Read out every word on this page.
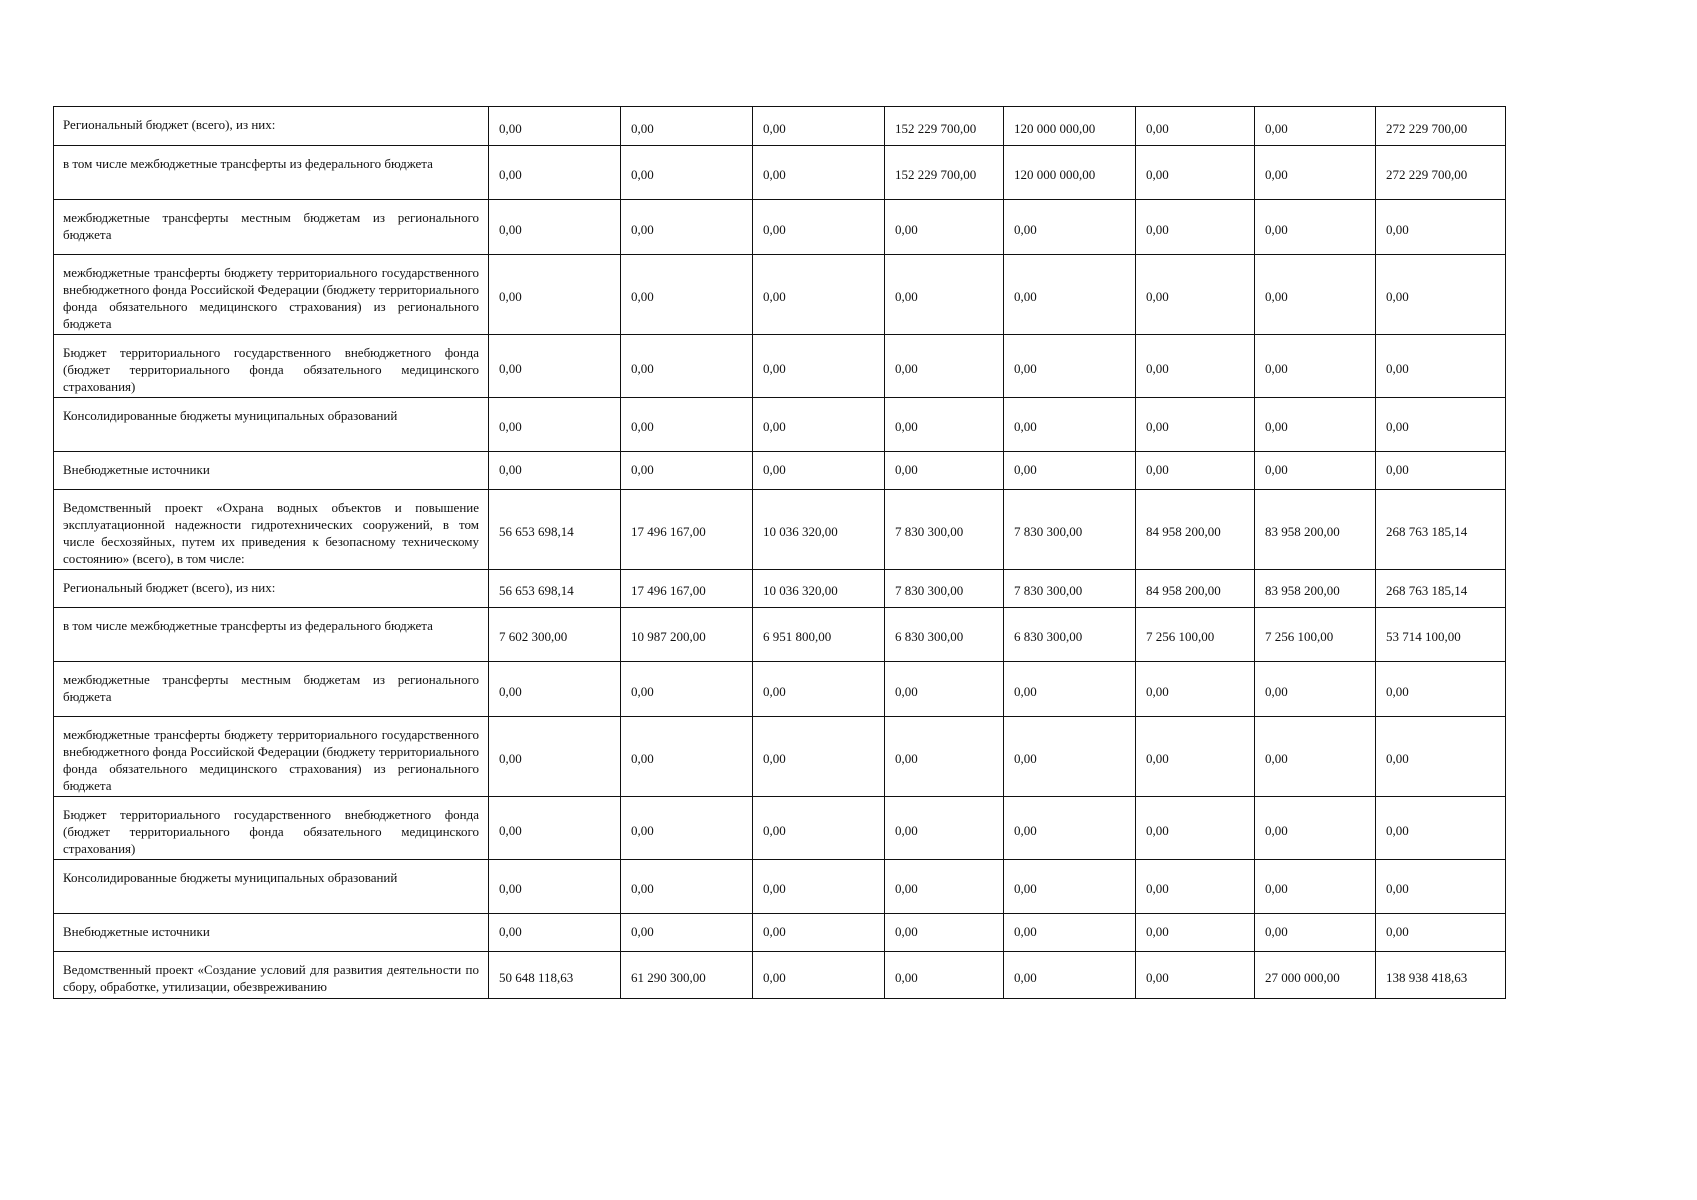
Региональный бюджет (всего), из них:	0,00	0,00	0,00	152 229 700,00	120 000 000,00	0,00	0,00	272 229 700,00
в том числе межбюджетные трансферты из федерального бюджета	0,00	0,00	0,00	152 229 700,00	120 000 000,00	0,00	0,00	272 229 700,00
межбюджетные трансферты местным бюджетам из регионального бюджета	0,00	0,00	0,00	0,00	0,00	0,00	0,00	0,00
межбюджетные трансферты бюджету территориального государственного внебюджетного фонда Российской Федерации (бюджету территориального фонда обязательного медицинского страхования) из регионального бюджета	0,00	0,00	0,00	0,00	0,00	0,00	0,00	0,00
Бюджет территориального государственного внебюджетного фонда (бюджет территориального фонда обязательного медицинского страхования)	0,00	0,00	0,00	0,00	0,00	0,00	0,00	0,00
Консолидированные бюджеты муниципальных образований	0,00	0,00	0,00	0,00	0,00	0,00	0,00	0,00
Внебюджетные источники	0,00	0,00	0,00	0,00	0,00	0,00	0,00	0,00
Ведомственный проект «Охрана водных объектов и повышение эксплуатационной надежности гидротехнических сооружений, в том числе бесхозяйных, путем их приведения к безопасному техническому состоянию» (всего), в том числе:	56 653 698,14	17 496 167,00	10 036 320,00	7 830 300,00	7 830 300,00	84 958 200,00	83 958 200,00	268 763 185,14
Региональный бюджет (всего), из них:	56 653 698,14	17 496 167,00	10 036 320,00	7 830 300,00	7 830 300,00	84 958 200,00	83 958 200,00	268 763 185,14
в том числе межбюджетные трансферты из федерального бюджета	7 602 300,00	10 987 200,00	6 951 800,00	6 830 300,00	6 830 300,00	7 256 100,00	7 256 100,00	53 714 100,00
межбюджетные трансферты местным бюджетам из регионального бюджета	0,00	0,00	0,00	0,00	0,00	0,00	0,00	0,00
межбюджетные трансферты бюджету территориального государственного внебюджетного фонда Российской Федерации (бюджету территориального фонда обязательного медицинского страхования) из регионального бюджета	0,00	0,00	0,00	0,00	0,00	0,00	0,00	0,00
Бюджет территориального государственного внебюджетного фонда (бюджет территориального фонда обязательного медицинского страхования)	0,00	0,00	0,00	0,00	0,00	0,00	0,00	0,00
Консолидированные бюджеты муниципальных образований	0,00	0,00	0,00	0,00	0,00	0,00	0,00	0,00
Внебюджетные источники	0,00	0,00	0,00	0,00	0,00	0,00	0,00	0,00
Ведомственный проект «Создание условий для развития деятельности по сбору, обработке, утилизации, обезвреживанию	50 648 118,63	61 290 300,00	0,00	0,00	0,00	0,00	27 000 000,00	138 938 418,63
